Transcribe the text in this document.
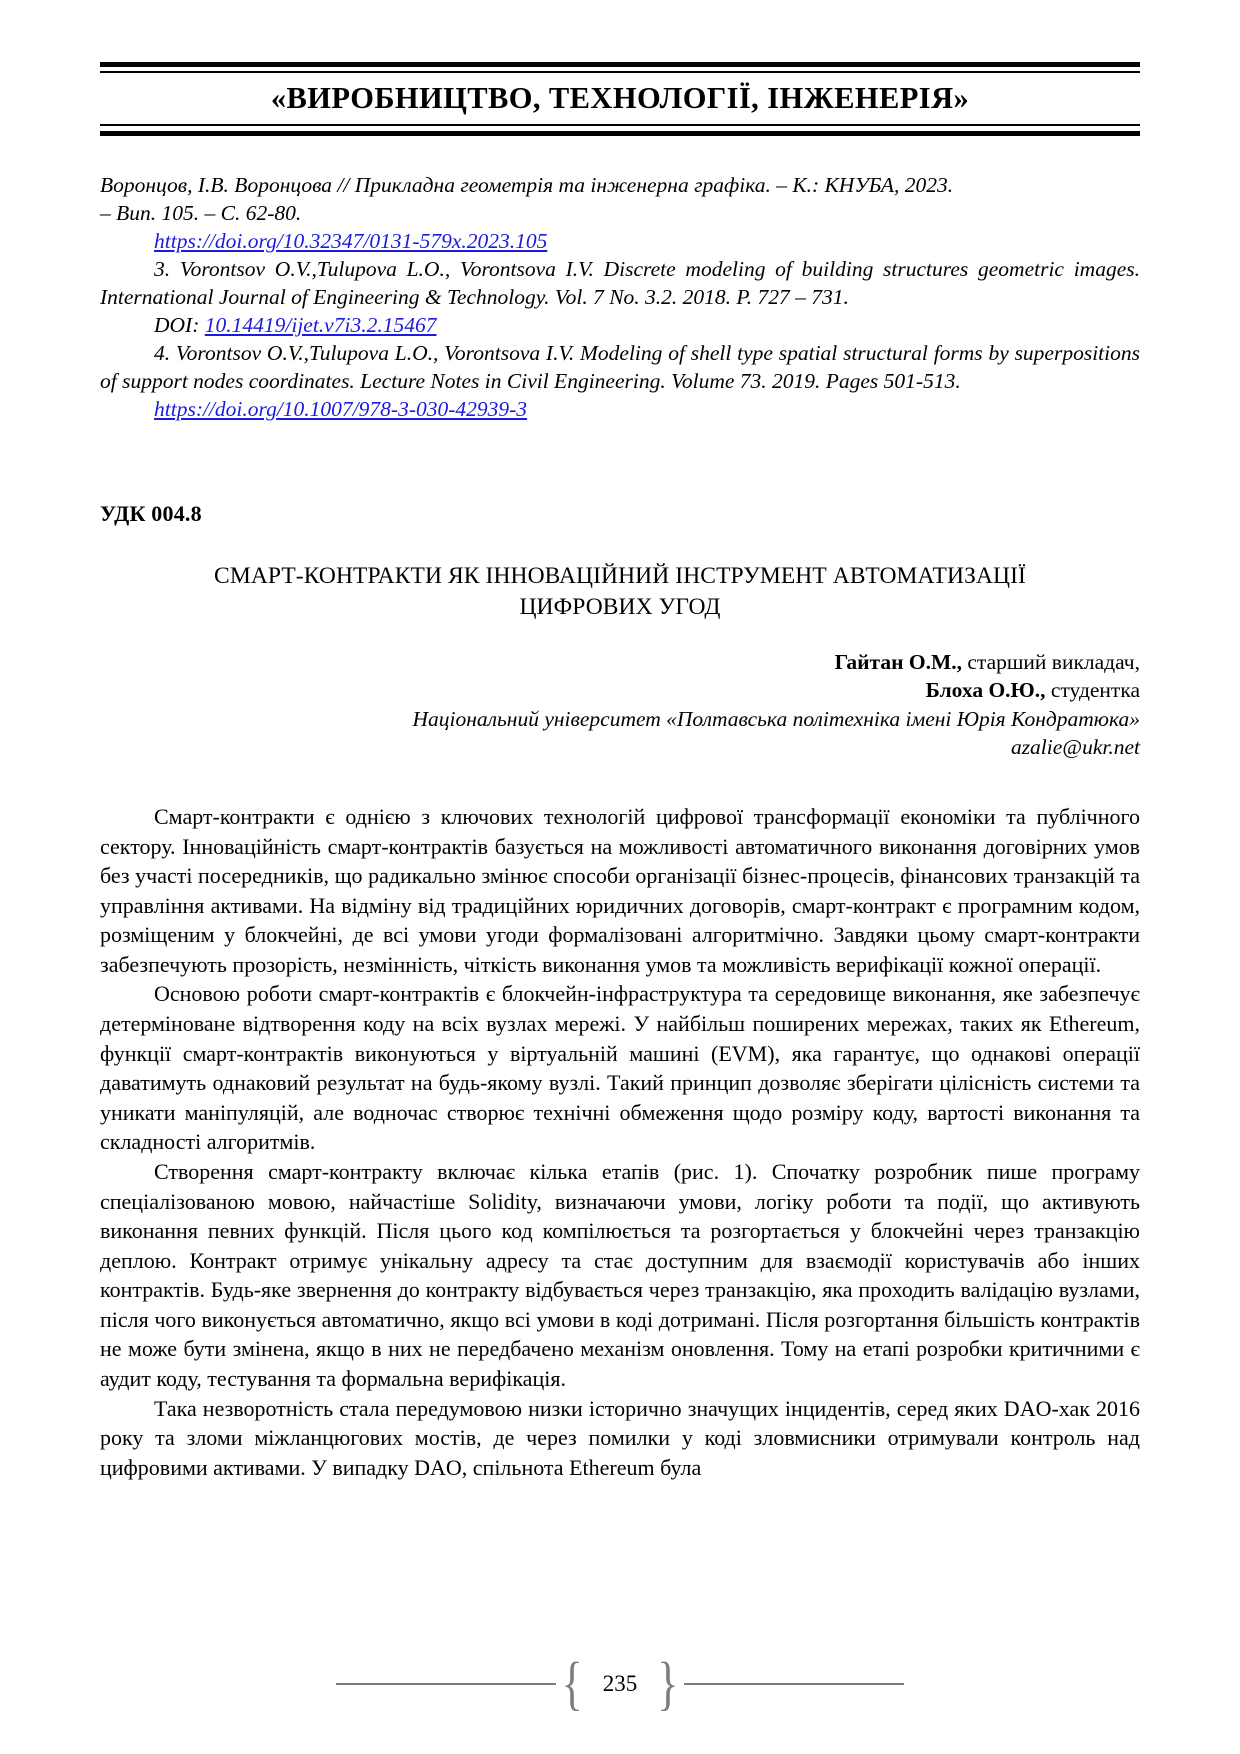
«ВИРОБНИЦТВО, ТЕХНОЛОГІЇ, ІНЖЕНЕРІЯ»

Воронцов, І.В. Воронцова // Прикладна геометрія та інженерна графіка. – К.: КНУБА, 2023.

– Вип. 105. – С. 62-80.

https://doi.org/10.32347/0131-579x.2023.105

3. Vorontsov O.V.,Tulupova L.O., Vorontsova I.V. Discrete modeling of building structures geometric images. International Journal of Engineering & Technology. Vol. 7 No. 3.2. 2018. P. 727 – 731.

DOI: 10.14419/ijet.v7i3.2.15467

4. Vorontsov O.V.,Tulupova L.O., Vorontsova I.V. Modeling of shell type spatial structural forms by superpositions of support nodes coordinates. Lecture Notes in Civil Engineering. Volume 73. 2019. Pages 501-513.

https://doi.org/10.1007/978-3-030-42939-3

УДК 004.8
СМАРТ-КОНТРАКТИ ЯК ІННОВАЦІЙНИЙ ІНСТРУМЕНТ АВТОМАТИЗАЦІЇ ЦИФРОВИХ УГОД
Гайтан О.М., старший викладач,
Блоха О.Ю., студентка
Національний університет «Полтавська політехніка імені Юрія Кондратюка»
azalie@ukr.net

Смарт-контракти є однією з ключових технологій цифрової трансформації економіки та публічного сектору. Інноваційність смарт-контрактів базується на можливості автоматичного виконання договірних умов без участі посередників, що радикально змінює способи організації бізнес-процесів, фінансових транзакцій та управління активами. На відміну від традиційних юридичних договорів, смарт-контракт є програмним кодом, розміщеним у блокчейні, де всі умови угоди формалізовані алгоритмічно. Завдяки цьому смарт-контракти забезпечують прозорість, незмінність, чіткість виконання умов та можливість верифікації кожної операції.

Основою роботи смарт-контрактів є блокчейн-інфраструктура та середовище виконання, яке забезпечує детерміноване відтворення коду на всіх вузлах мережі. У найбільш поширених мережах, таких як Ethereum, функції смарт-контрактів виконуються у віртуальній машині (EVM), яка гарантує, що однакові операції даватимуть однаковий результат на будь-якому вузлі. Такий принцип дозволяє зберігати цілісність системи та уникати маніпуляцій, але водночас створює технічні обмеження щодо розміру коду, вартості виконання та складності алгоритмів.

Створення смарт-контракту включає кілька етапів (рис. 1). Спочатку розробник пише програму спеціалізованою мовою, найчастіше Solidity, визначаючи умови, логіку роботи та події, що активують виконання певних функцій. Після цього код компілюється та розгортається у блокчейні через транзакцію деплою. Контракт отримує унікальну адресу та стає доступним для взаємодії користувачів або інших контрактів. Будь-яке звернення до контракту відбувається через транзакцію, яка проходить валідацію вузлами, після чого виконується автоматично, якщо всі умови в коді дотримані. Після розгортання більшість контрактів не може бути змінена, якщо в них не передбачено механізм оновлення. Тому на етапі розробки критичними є аудит коду, тестування та формальна верифікація.

Така незворотність стала передумовою низки історично значущих інцидентів, серед яких DAO-хак 2016 року та зломи міжланцюгових мостів, де через помилки у коді зловмисники отримували контроль над цифровими активами. У випадку DAO, спільнота Ethereum була

{ 235 }
